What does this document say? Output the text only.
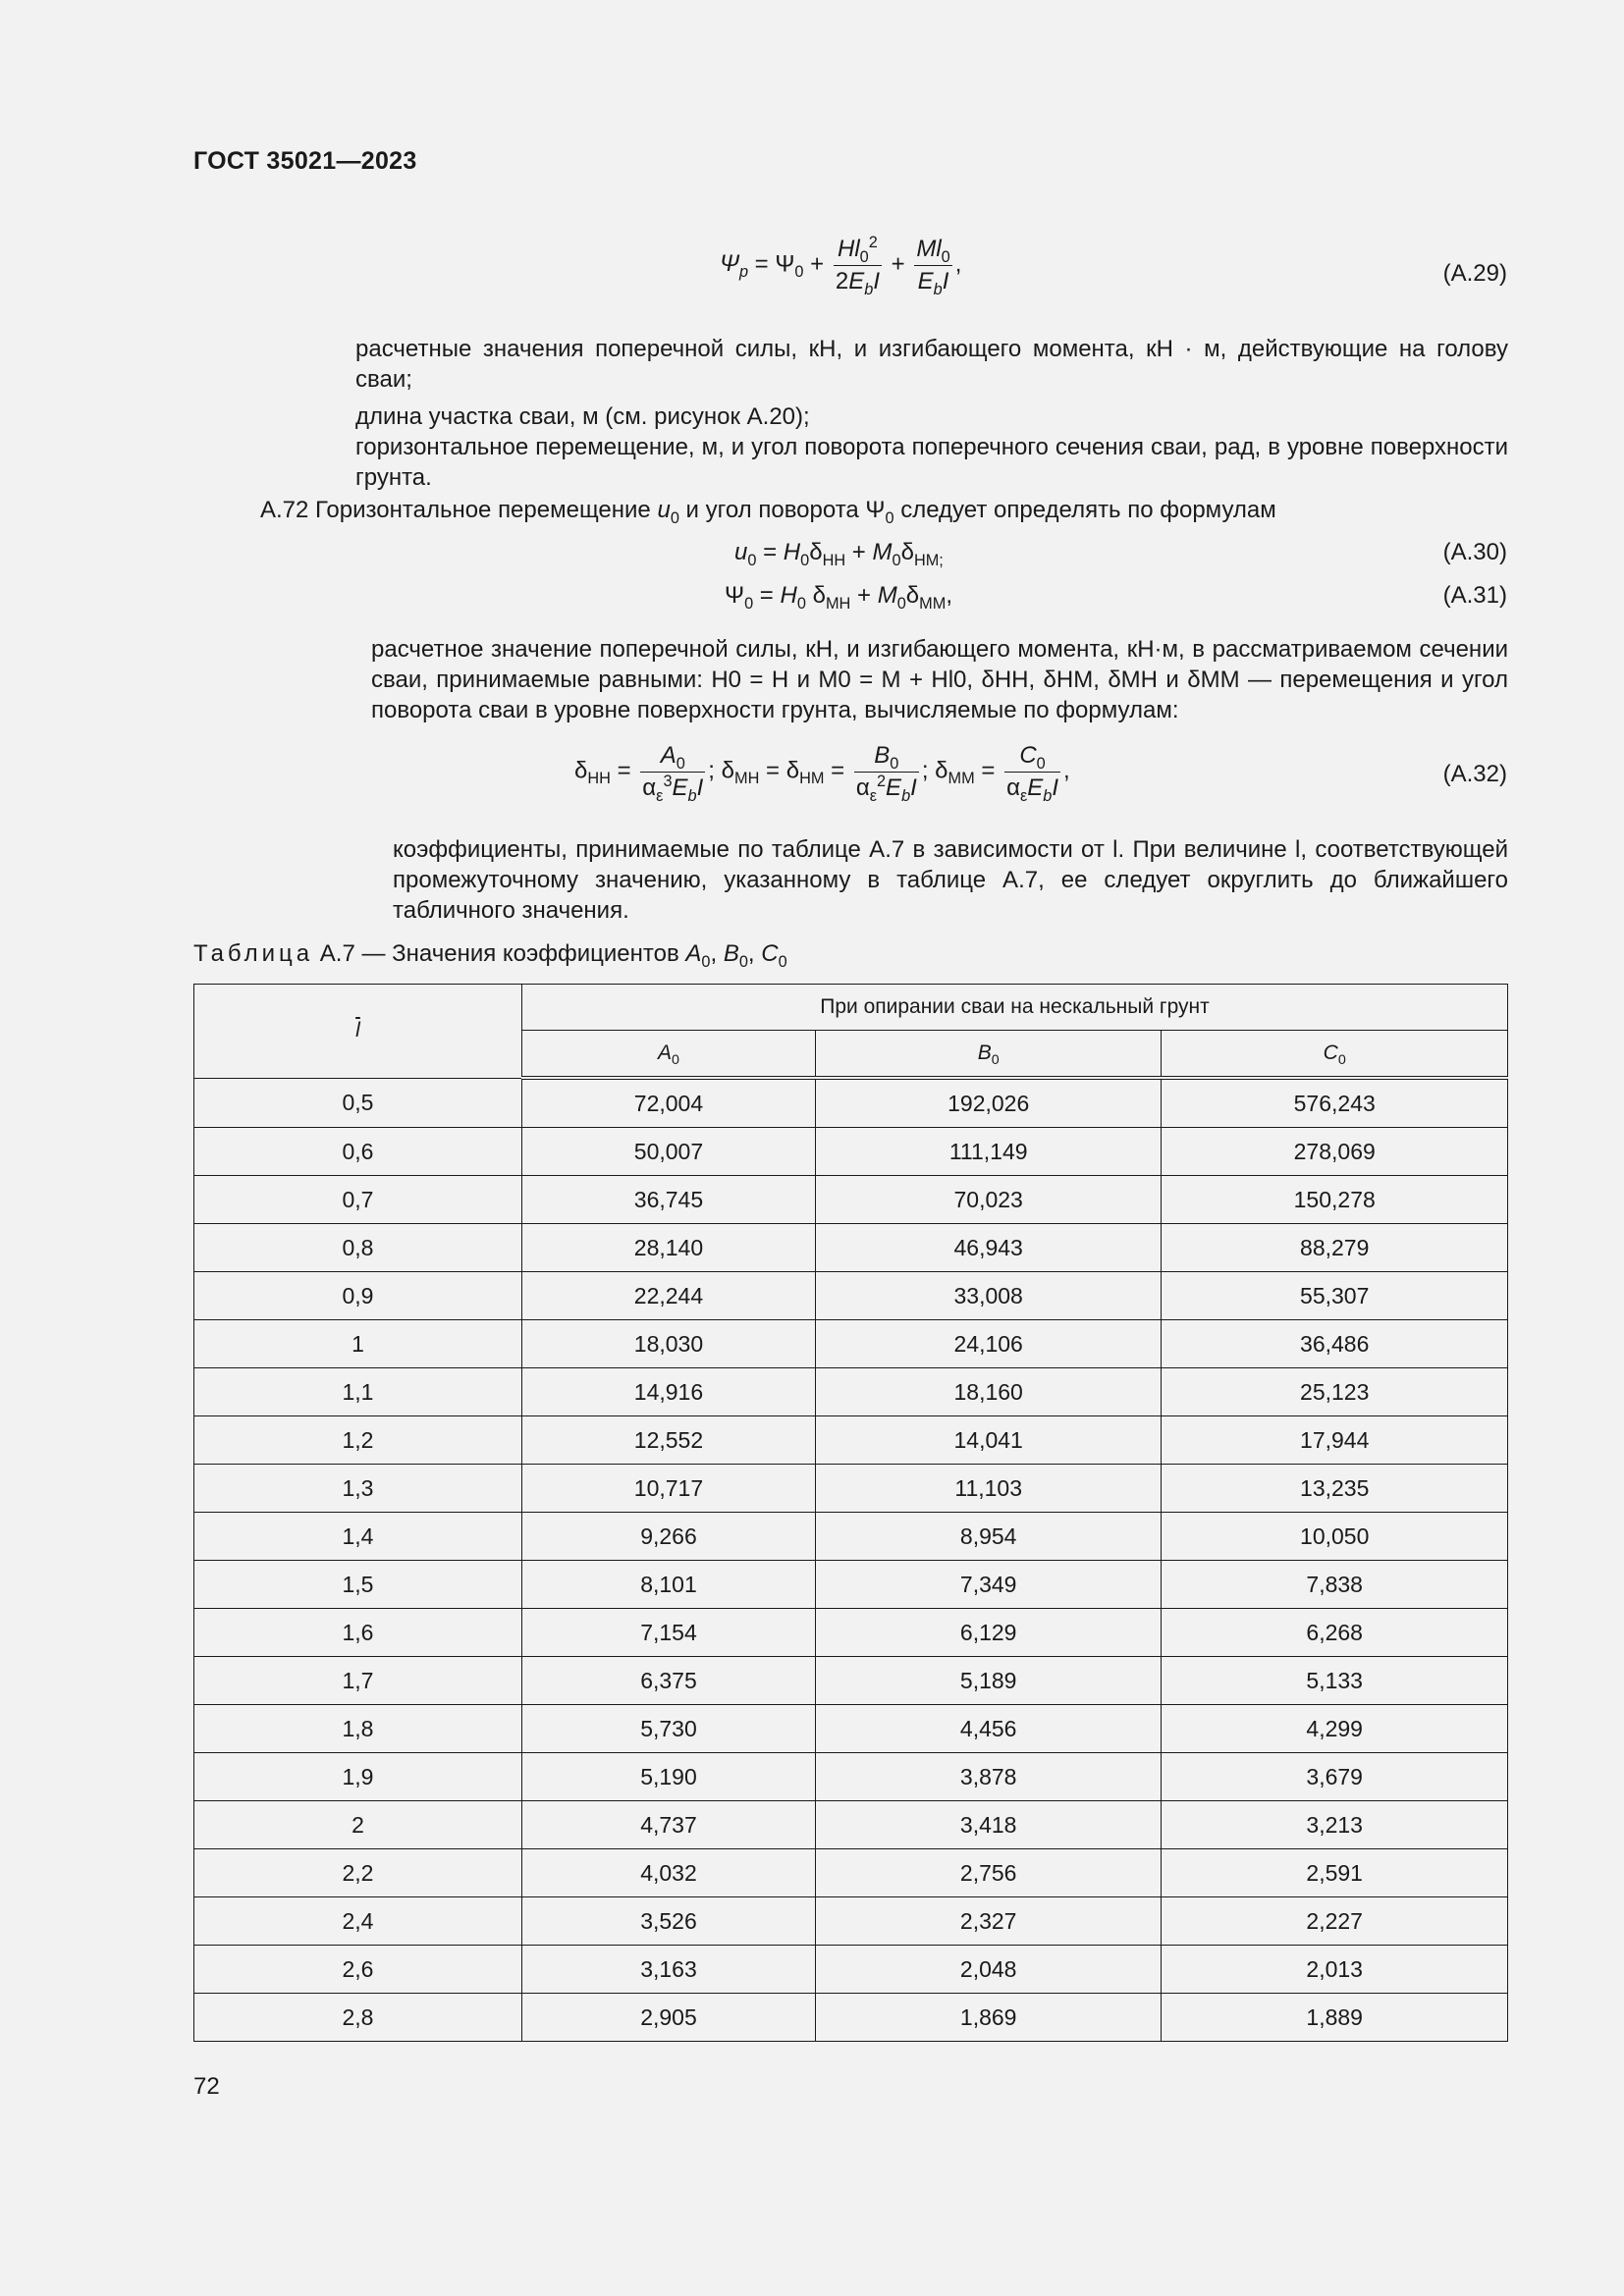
ГОСТ 35021—2023
$\Psi_p = \Psi_0 + \frac{Hl_0^2}{2E_bI} + \frac{Ml_0}{E_bI}$ ,	(А.29)
расчетные значения поперечной силы, кН, и изгибающего момента, кН · м, действующие на голову сваи;
длина участка сваи, м (см. рисунок А.20);
горизонтальное перемещение, м, и угол поворота поперечного сечения сваи, рад, в уровне поверхности грунта.
А.72 Горизонтальное перемещение $u_0$ и угол поворота $\Psi_0$ следует определять по формулам
$u_0 = H_0\delta_{HH} + M_0\delta_{HM;}$	(А.30)
$\Psi_0 = H_0$ $\delta_{MH} + M_0\delta_{MM}$,	(А.31)
расчетное значение поперечной силы, кН, и изгибающего момента, кН·м, в рассматриваемом сечении сваи, принимаемые равными: H0 = H и M0 = M + Hl0, δHH, δHM, δMH и δMM — перемещения и угол поворота сваи в уровне поверхности грунта, вычисляемые по формулам:
$\delta_{HH} = \frac{A_0}{\alpha_\varepsilon^3E_bI}$ ; $\delta_{MH} = \delta_{HM} = \frac{B_0}{\alpha_\varepsilon^2E_bI}$ ; $\delta_{MM} = \frac{C_0}{\alpha_\varepsilon E_bI}$ ,	(А.32)
коэффициенты, принимаемые по таблице А.7 в зависимости от l. При величине l, соответствующей промежуточному значению, указанному в таблице А.7, ее следует округлить до ближайшего табличного значения.
Таблица А.7 — Значения коэффициентов $A_0$, $B_0$, $C_0$
$\overline{l}$	При опирании сваи на нескальный грунт		
	$A_0$	$B_0$	$C_0$
0,5	72,004	192,026	576,243
0,6	50,007	111,149	278,069
0,7	36,745	70,023	150,278
0,8	28,140	46,943	88,279
0,9	22,244	33,008	55,307
1	18,030	24,106	36,486
1,1	14,916	18,160	25,123
1,2	12,552	14,041	17,944
1,3	10,717	11,103	13,235
1,4	9,266	8,954	10,050
1,5	8,101	7,349	7,838
1,6	7,154	6,129	6,268
1,7	6,375	5,189	5,133
1,8	5,730	4,456	4,299
1,9	5,190	3,878	3,679
2	4,737	3,418	3,213
2,2	4,032	2,756	2,591
2,4	3,526	2,327	2,227
2,6	3,163	2,048	2,013
2,8	2,905	1,869	1,889
72
